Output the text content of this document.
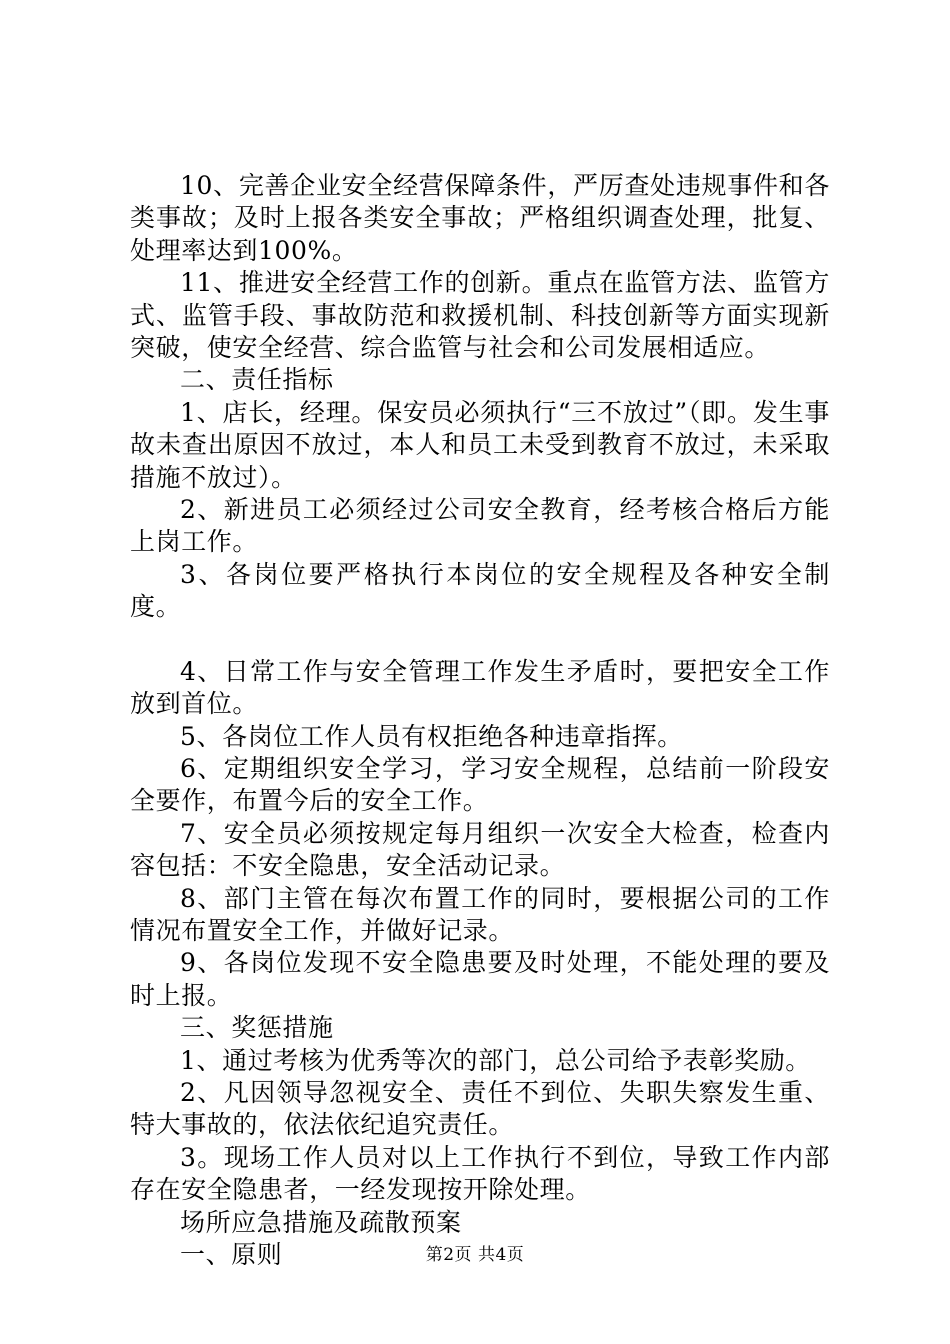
10、完善企业安全经营保障条件，严厉查处违规事件和各类事故；及时上报各类安全事故；严格组织调查处理，批复、处理率达到100%。

11、推进安全经营工作的创新。重点在监管方法、监管方式、监管手段、事故防范和救援机制、科技创新等方面实现新突破，使安全经营、综合监管与社会和公司发展相适应。

二、责任指标

1、店长，经理。保安员必须执行“三不放过”（即。发生事故未查出原因不放过，本人和员工未受到教育不放过，未采取措施不放过）。

2、新进员工必须经过公司安全教育，经考核合格后方能上岗工作。

3、各岗位要严格执行本岗位的安全规程及各种安全制度。

4、日常工作与安全管理工作发生矛盾时，要把安全工作放到首位。

5、各岗位工作人员有权拒绝各种违章指挥。

6、定期组织安全学习，学习安全规程，总结前一阶段安全要作，布置今后的安全工作。

7、安全员必须按规定每月组织一次安全大检查，检查内容包括：不安全隐患，安全活动记录。

8、部门主管在每次布置工作的同时，要根据公司的工作情况布置安全工作，并做好记录。

9、各岗位发现不安全隐患要及时处理，不能处理的要及时上报。

三、奖惩措施

1、通过考核为优秀等次的部门，总公司给予表彰奖励。

2、凡因领导忽视安全、责任不到位、失职失察发生重、特大事故的，依法依纪追究责任。

3。现场工作人员对以上工作执行不到位，导致工作内部存在安全隐患者，一经发现按开除处理。

场所应急措施及疏散预案

一、原则	第2页 共4页
